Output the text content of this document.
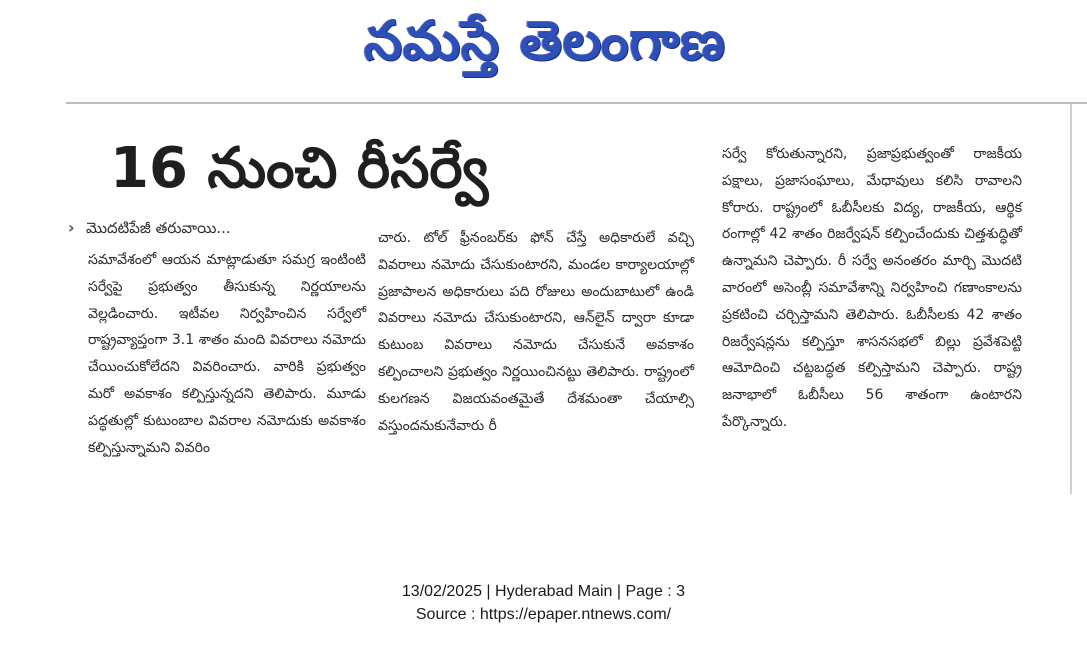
నమస్తే తెలంగాణ
16 నుంచి రీసర్వే
› మొదటిపేజీ తరువాయి...

సమావేశంలో ఆయన మాట్లాడుతూ సమగ్ర ఇంటింటి సర్వేపై ప్రభుత్వం తీసుకున్న నిర్ణయాలను వెల్లడించారు. ఇటీవల నిర్వహించిన సర్వేలో రాష్ట్రవ్యాప్తంగా 3.1 శాతం మంది వివరాలు నమోదు చేయించుకోలేదని వివరించారు. వారికి ప్రభుత్వం మరో అవకాశం కల్పిస్తున్నదని తెలిపారు. మూడు పద్ధతుల్లో కుటుంబాల వివరాల నమోదుకు అవకాశం కల్పిస్తున్నామని వివరిం

చారు. టోల్ ఫ్రీనంబర్‌కు ఫోన్ చేస్తే అధికారులే వచ్చి వివరాలు నమోదు చేసుకుంటారని, మండల కార్యాలయాల్లో ప్రజాపాలన అధికారులు పది రోజులు అందుబాటులో ఉండి వివరాలు నమోదు చేసుకుంటారని, ఆన్‌లైన్ ద్వారా కూడా కుటుంబ వివరాలు నమోదు చేసుకునే అవకాశం కల్పించాలని ప్రభుత్వం నిర్ణయించినట్టు తెలిపారు. రాష్ట్రంలో కులగణన విజయవంతమైతే దేశమంతా చేయాల్సి వస్తుందనుకునేవారు రీ

సర్వే కోరుతున్నారని, ప్రజాప్రభుత్వంతో రాజకీయ పక్షాలు, ప్రజాసంఘాలు, మేధావులు కలిసి రావాలని కోరారు. రాష్ట్రంలో ఓబీసీలకు విద్య, రాజకీయ, ఆర్థిక రంగాల్లో 42 శాతం రిజర్వేషన్ కల్పించేందుకు చిత్తశుద్ధితో ఉన్నామని చెప్పారు. రీ సర్వే అనంతరం మార్చి మొదటి వారంలో అసెంబ్లీ సమావేశాన్ని నిర్వహించి గణాంకాలను ప్రకటించి చర్చిస్తామని తెలిపారు. ఓబీసీలకు 42 శాతం రిజర్వేషన్లను కల్పిస్తూ శాసనసభలో బిల్లు ప్రవేశపెట్టి ఆమోదించి చట్టబద్ధత కల్పిస్తామని చెప్పారు. రాష్ట్ర జనాభాలో ఓబీసీలు 56 శాతంగా ఉంటారని పేర్కొన్నారు.

13/02/2025 | Hyderabad Main | Page : 3
Source : https://epaper.ntnews.com/
